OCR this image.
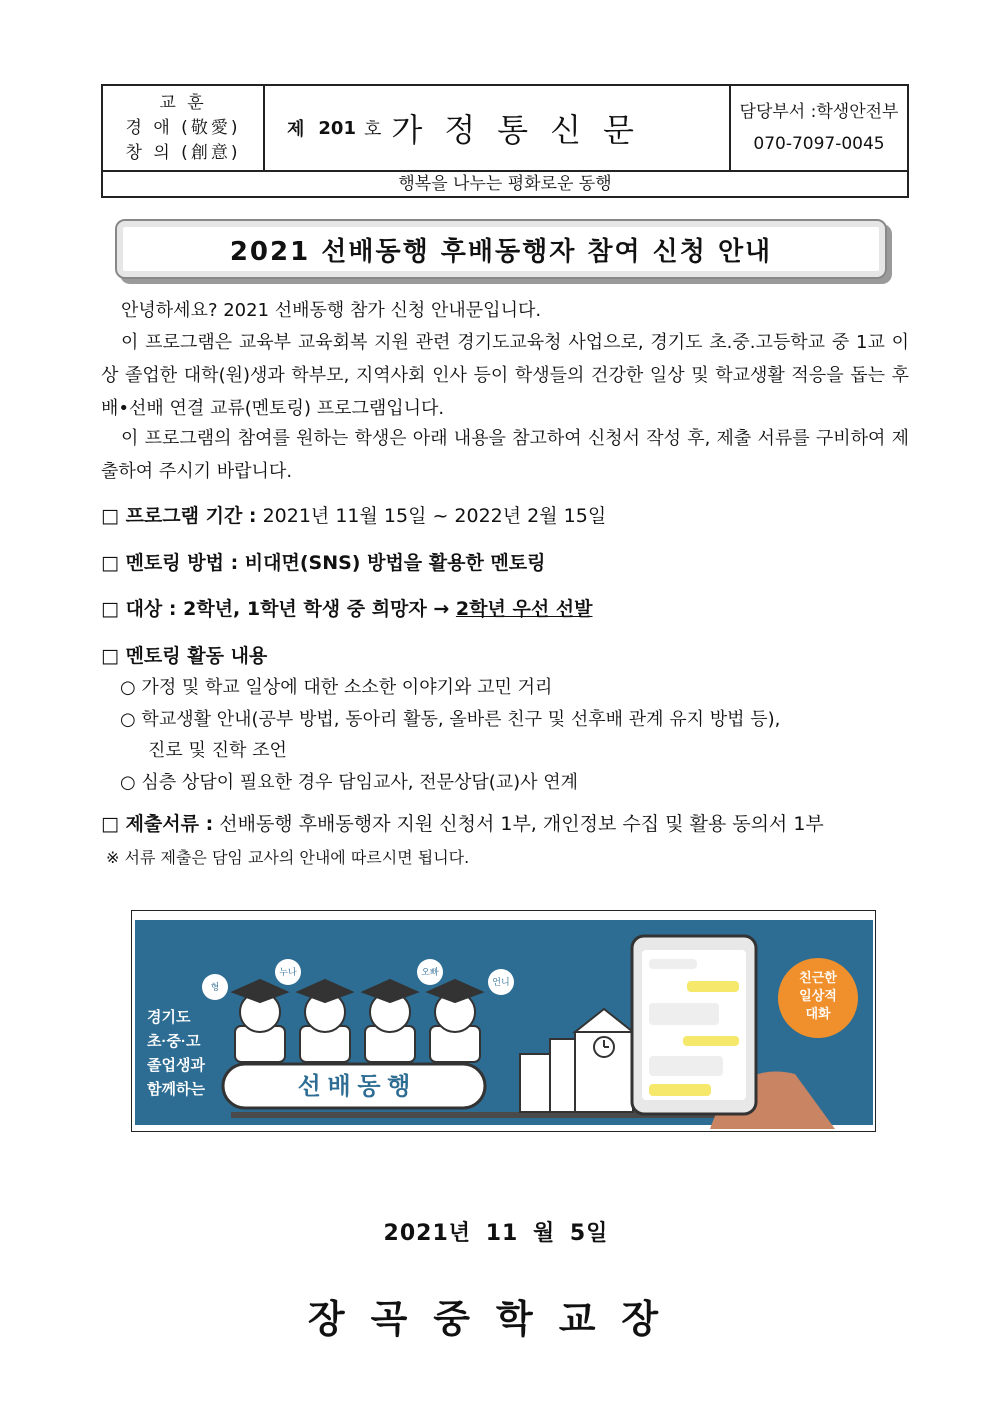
교 훈
경 애 (敬愛)
창 의 (創意)
제 201 호 가정통신문	담당부서 :학생안전부
070-7097-0045
행복을 나누는 평화로운 동행
2021 선배동행 후배동행자 참여 신청 안내
안녕하세요? 2021 선배동행 참가 신청 안내문입니다.
이 프로그램은 교육부 교육회복 지원 관련 경기도교육청 사업으로, 경기도 초.중.고등학교 중 1교 이상 졸업한 대학(원)생과 학부모, 지역사회 인사 등이 학생들의 건강한 일상 및 학교생활 적응을 돕는 후배•선배 연결 교류(멘토링) 프로그램입니다.
이 프로그램의 참여를 원하는 학생은 아래 내용을 참고하여 신청서 작성 후, 제출 서류를 구비하여 제출하여 주시기 바랍니다.
□ 프로그램 기간 : 2021년 11월 15일 ~ 2022년 2월 15일
□ 멘토링 방법 : 비대면(SNS) 방법을 활용한 멘토링
□ 대상 : 2학년, 1학년 학생 중 희망자 → 2학년 우선 선발
□ 멘토링 활동 내용
○ 가정 및 학교 일상에 대한 소소한 이야기와 고민 거리
○ 학교생활 안내(공부 방법, 동아리 활동, 올바른 친구 및 선후배 관계 유지 방법 등),
진로 및 진학 조언
○ 심층 상담이 필요한 경우 담임교사, 전문상담(교)사 연계
□ 제출서류 : 선배동행 후배동행자 지원 신청서 1부, 개인정보 수집 및 활용 동의서 1부
※ 서류 제출은 담임 교사의 안내에 따르시면 됩니다.
경기도
초·중·고
졸업생과
함께하는	선 배 동 행
형
누나	오빠
언니	친근한
일상적
대화
2021년 11 월 5일
장곡중학교장
